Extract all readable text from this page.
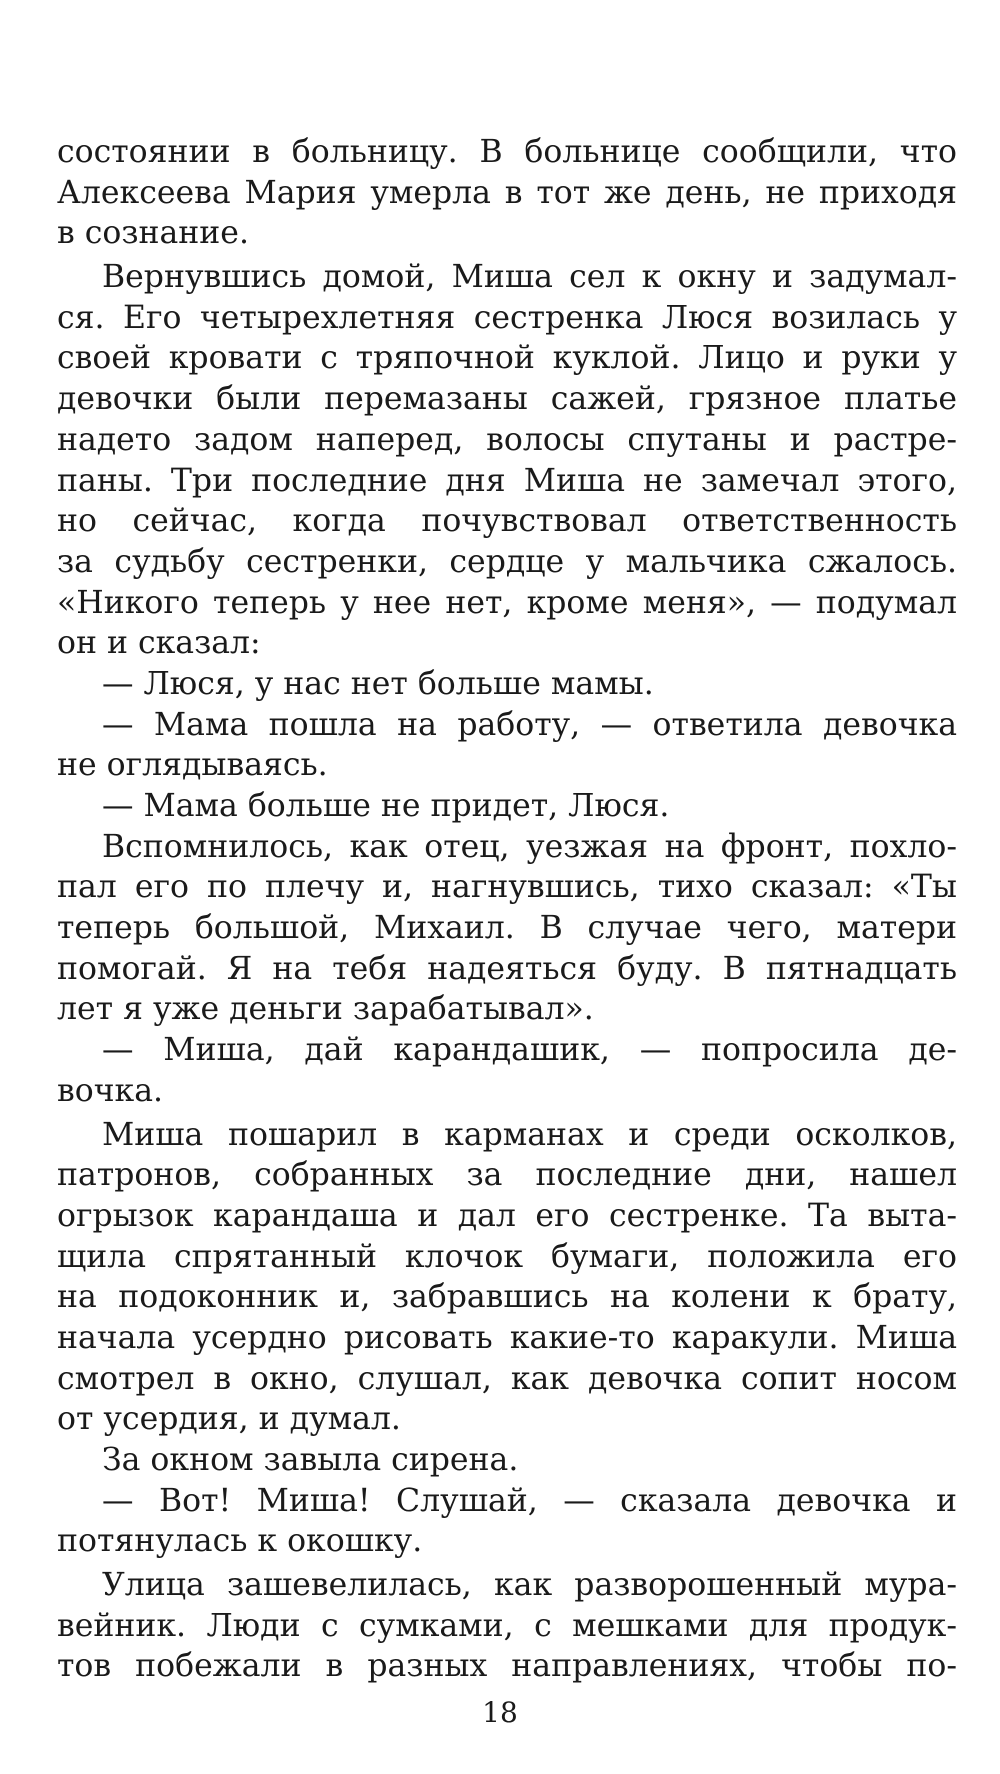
состоянии в больницу. В больнице сообщили, что
Алексеева Мария умерла в тот же день, не приходя
в сознание.
Вернувшись домой, Миша сел к окну и задумал-
ся. Его четырехлетняя сестренка Люся возилась у
своей кровати с тряпочной куклой. Лицо и руки у
девочки были перемазаны сажей, грязное платье
надето задом наперед, волосы спутаны и растре-
паны. Три последние дня Миша не замечал этого,
но сейчас, когда почувствовал ответственность
за судьбу сестренки, сердце у мальчика сжалось.
«Никого теперь у нее нет, кроме меня», — подумал
он и сказал:
— Люся, у нас нет больше мамы.
— Мама пошла на работу, — ответила девочка
не оглядываясь.
— Мама больше не придет, Люся.
Вспомнилось, как отец, уезжая на фронт, похло-
пал его по плечу и, нагнувшись, тихо сказал: «Ты
теперь большой, Михаил. В случае чего, матери
помогай. Я на тебя надеяться буду. В пятнадцать
лет я уже деньги зарабатывал».
— Миша, дай карандашик, — попросила де-
вочка.
Миша пошарил в карманах и среди осколков,
патронов, собранных за последние дни, нашел
огрызок карандаша и дал его сестренке. Та выта-
щила спрятанный клочок бумаги, положила его
на подоконник и, забравшись на колени к брату,
начала усердно рисовать какие-то каракули. Миша
смотрел в окно, слушал, как девочка сопит носом
от усердия, и думал.
За окном завыла сирена.
— Вот! Миша! Слушай, — сказала девочка и
потянулась к окошку.
Улица зашевелилась, как разворошенный мура-
вейник. Люди с сумками, с мешками для продук-
тов побежали в разных направлениях, чтобы по-
18
